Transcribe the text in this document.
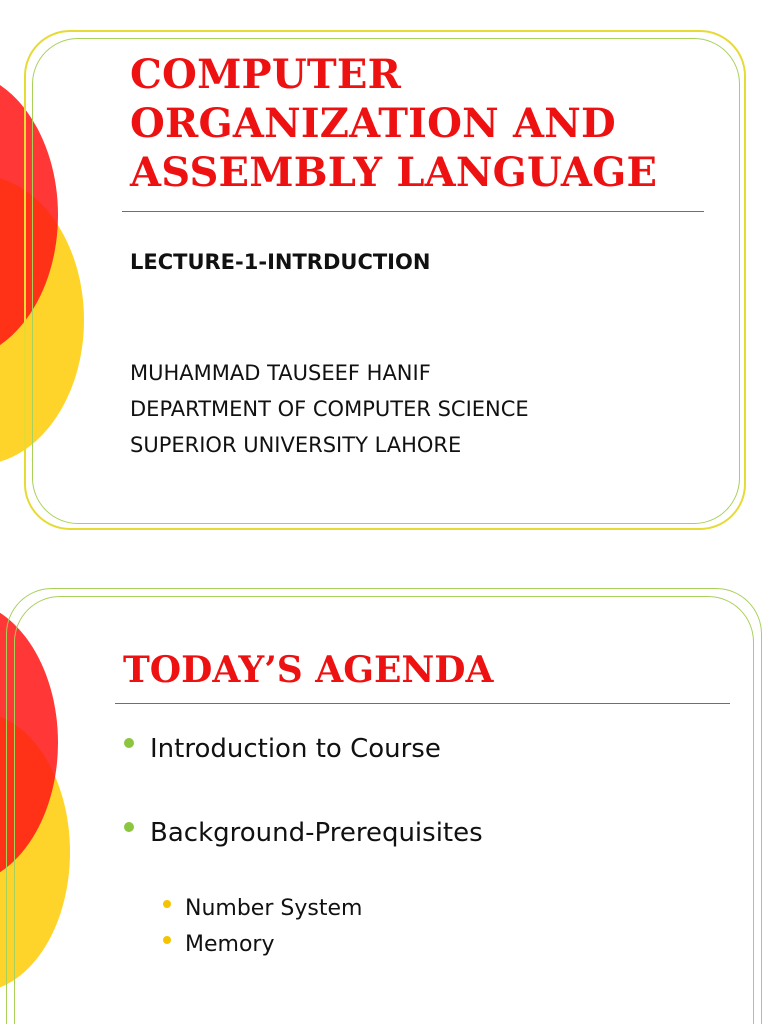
COMPUTER
ORGANIZATION AND
ASSEMBLY LANGUAGE

LECTURE-1-INTRDUCTION

MUHAMMAD TAUSEEF HANIF
DEPARTMENT OF COMPUTER SCIENCE
SUPERIOR UNIVERSITY LAHORE
TODAY’S AGENDA
Introduction to Course
Background-Prerequisites
Number System
Memory
